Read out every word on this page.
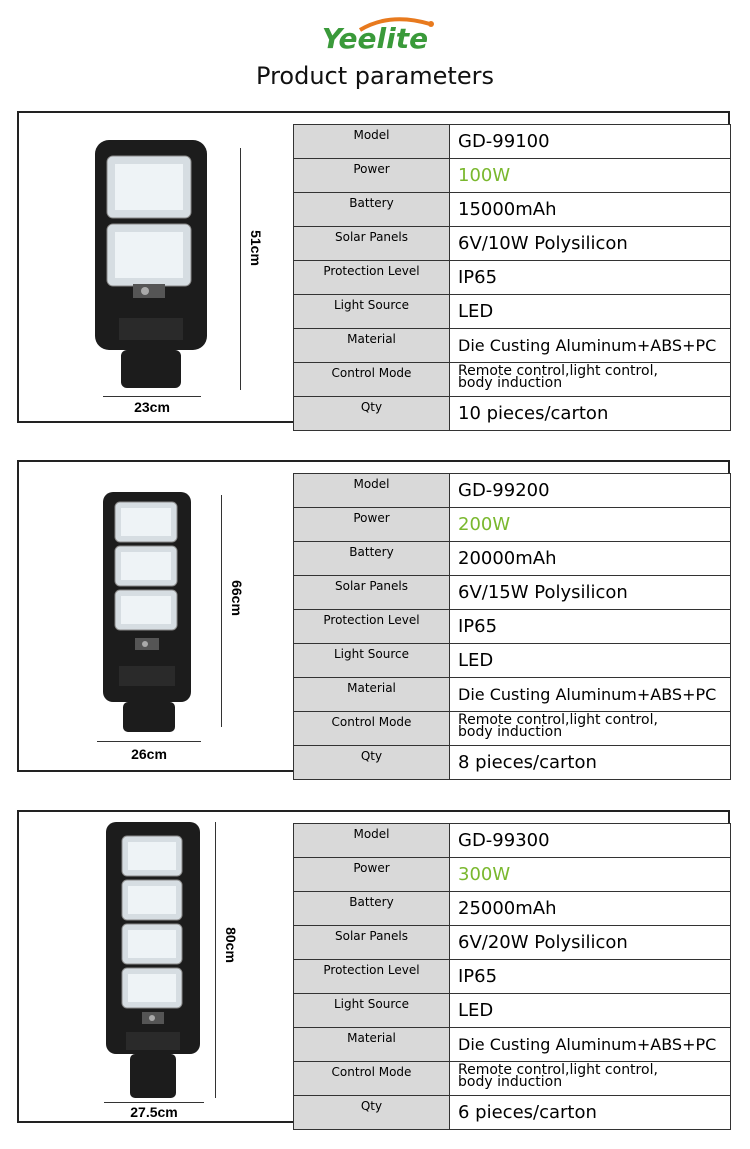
Yeelite
Product parameters
51cm
23cm
66cm
26cm
80cm
27.5cm
Model	GD-99100
Power	100W
Battery	15000mAh
Solar Panels	6V/10W Polysilicon
Protection Level	IP65
Light Source	LED
Material	Die Custing Aluminum+ABS+PC
Control Mode	Remote control,light control,
body induction

Qty	10 pieces/carton
Model	GD-99200
Power	200W
Battery	20000mAh
Solar Panels	6V/15W Polysilicon
Protection Level	IP65
Light Source	LED
Material	Die Custing Aluminum+ABS+PC
Control Mode	Remote control,light control,
body induction

Qty	8 pieces/carton
Model	GD-99300
Power	300W
Battery	25000mAh
Solar Panels	6V/20W Polysilicon
Protection Level	IP65
Light Source	LED
Material	Die Custing Aluminum+ABS+PC
Control Mode	Remote control,light control,
body induction

Qty	6 pieces/carton
